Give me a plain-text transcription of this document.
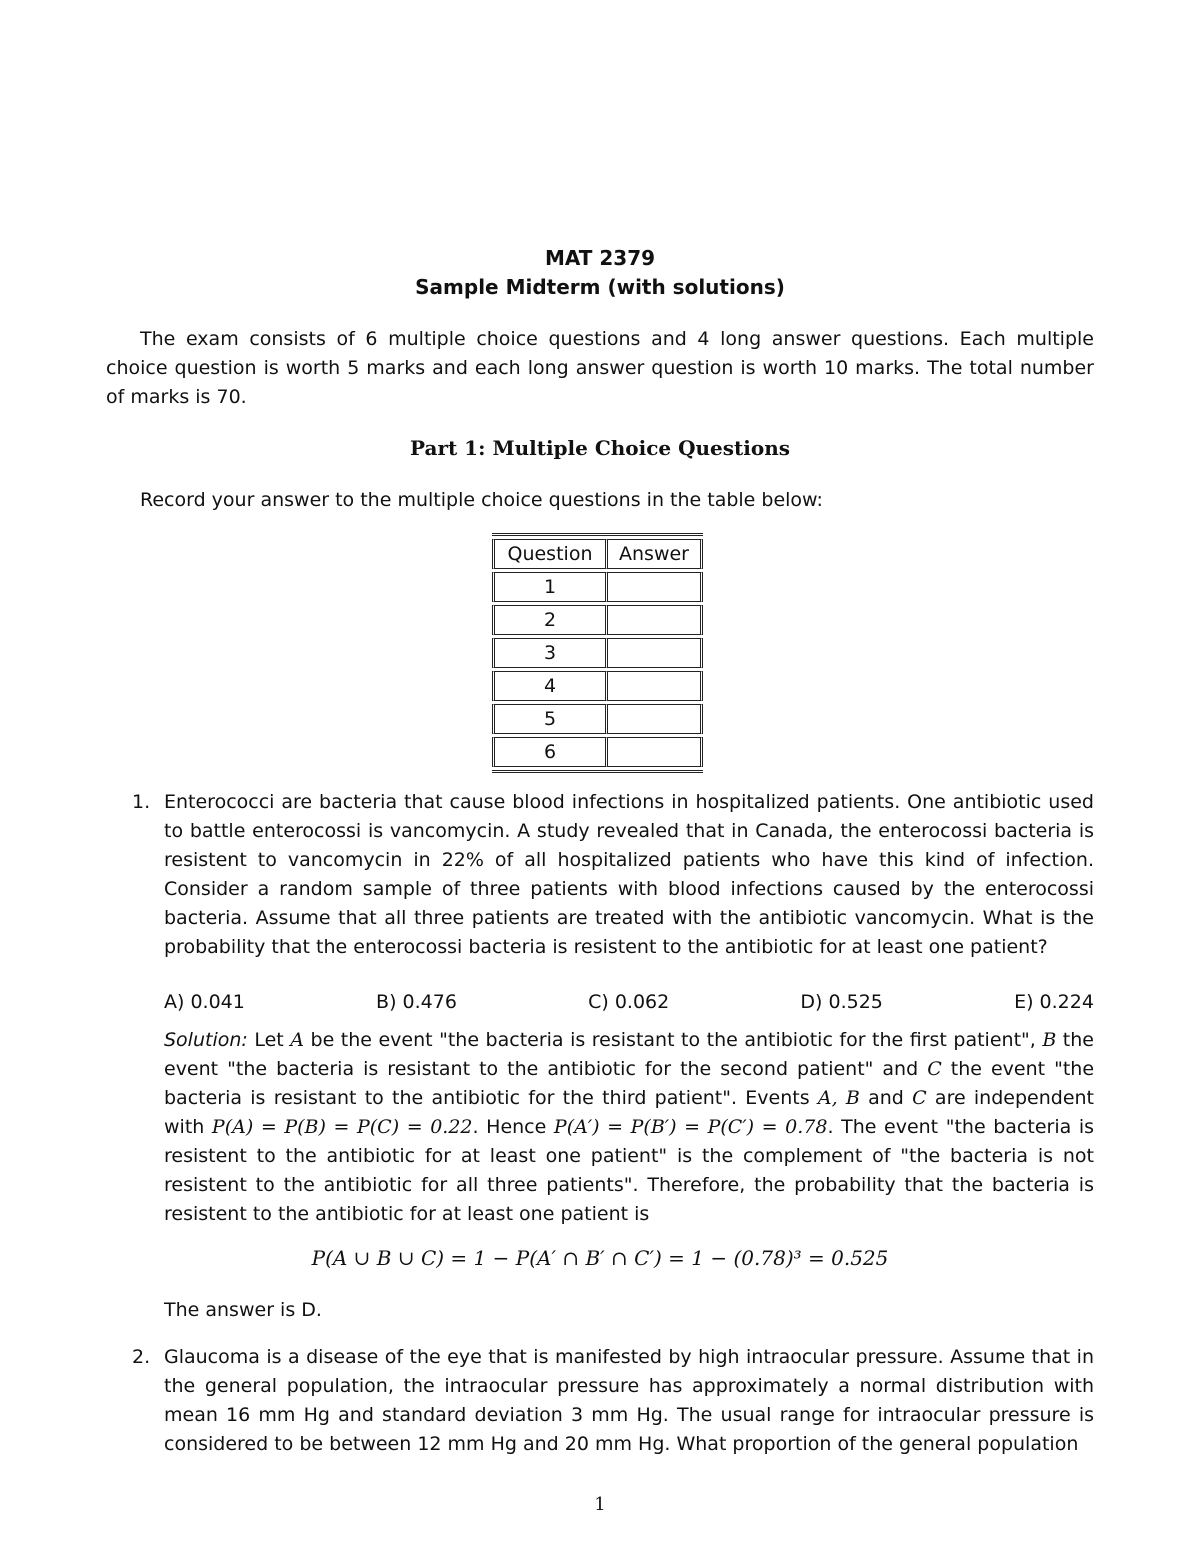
MAT 2379
Sample Midterm (with solutions)
The exam consists of 6 multiple choice questions and 4 long answer questions. Each multiple choice question is worth 5 marks and each long answer question is worth 10 marks. The total number of marks is 70.
Part 1: Multiple Choice Questions
Record your answer to the multiple choice questions in the table below:
Question	Answer
1	
2	
3	
4	
5	
6	
1. Enterococci are bacteria that cause blood infections in hospitalized patients. One antibiotic used to battle enterocossi is vancomycin. A study revealed that in Canada, the enterocossi bacteria is resistent to vancomycin in 22% of all hospitalized patients who have this kind of infection. Consider a random sample of three patients with blood infections caused by the enterocossi bacteria. Assume that all three patients are treated with the antibiotic vancomycin. What is the probability that the enterocossi bacteria is resistent to the antibiotic for at least one patient?
A) 0.041	B) 0.476	C) 0.062	D) 0.525	E) 0.224
Solution: Let A be the event "the bacteria is resistant to the antibiotic for the first patient", B the event "the bacteria is resistant to the antibiotic for the second patient" and C the event "the bacteria is resistant to the antibiotic for the third patient". Events A, B and C are independent with P(A) = P(B) = P(C) = 0.22. Hence P(A′) = P(B′) = P(C′) = 0.78. The event "the bacteria is resistent to the antibiotic for at least one patient" is the complement of "the bacteria is not resistent to the antibiotic for all three patients". Therefore, the probability that the bacteria is resistent to the antibiotic for at least one patient is
P(A ∪ B ∪ C) = 1 − P(A′ ∩ B′ ∩ C′) = 1 − (0.78)³ = 0.525
The answer is D.
2. Glaucoma is a disease of the eye that is manifested by high intraocular pressure. Assume that in the general population, the intraocular pressure has approximately a normal distribution with mean 16 mm Hg and standard deviation 3 mm Hg. The usual range for intraocular pressure is considered to be between 12 mm Hg and 20 mm Hg. What proportion of the general population
1
